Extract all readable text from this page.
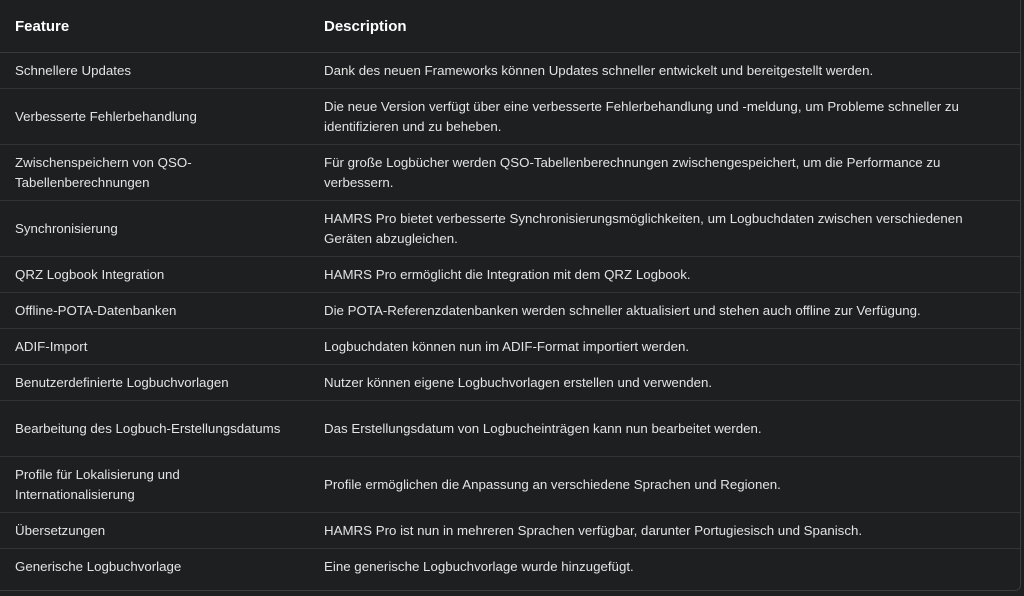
Feature	Description
Schnellere Updates	Dank des neuen Frameworks können Updates schneller entwickelt und bereitgestellt werden.
Verbesserte Fehlerbehandlung	Die neue Version verfügt über eine verbesserte Fehlerbehandlung und -meldung, um Probleme schneller zu identifizieren und zu beheben.
Zwischenspeichern von QSO-Tabellenberechnungen	Für große Logbücher werden QSO-Tabellenberechnungen zwischengespeichert, um die Performance zu verbessern.
Synchronisierung	HAMRS Pro bietet verbesserte Synchronisierungsmöglichkeiten, um Logbuchdaten zwischen verschiedenen Geräten abzugleichen.
QRZ Logbook Integration	HAMRS Pro ermöglicht die Integration mit dem QRZ Logbook.
Offline-POTA-Datenbanken	Die POTA-Referenzdatenbanken werden schneller aktualisiert und stehen auch offline zur Verfügung.
ADIF-Import	Logbuchdaten können nun im ADIF-Format importiert werden.
Benutzerdefinierte Logbuchvorlagen	Nutzer können eigene Logbuchvorlagen erstellen und verwenden.
Bearbeitung des Logbuch-Erstellungsdatums	Das Erstellungsdatum von Logbucheinträgen kann nun bearbeitet werden.
Profile für Lokalisierung und Internationalisierung	Profile ermöglichen die Anpassung an verschiedene Sprachen und Regionen.
Übersetzungen	HAMRS Pro ist nun in mehreren Sprachen verfügbar, darunter Portugiesisch und Spanisch.
Generische Logbuchvorlage	Eine generische Logbuchvorlage wurde hinzugefügt.
